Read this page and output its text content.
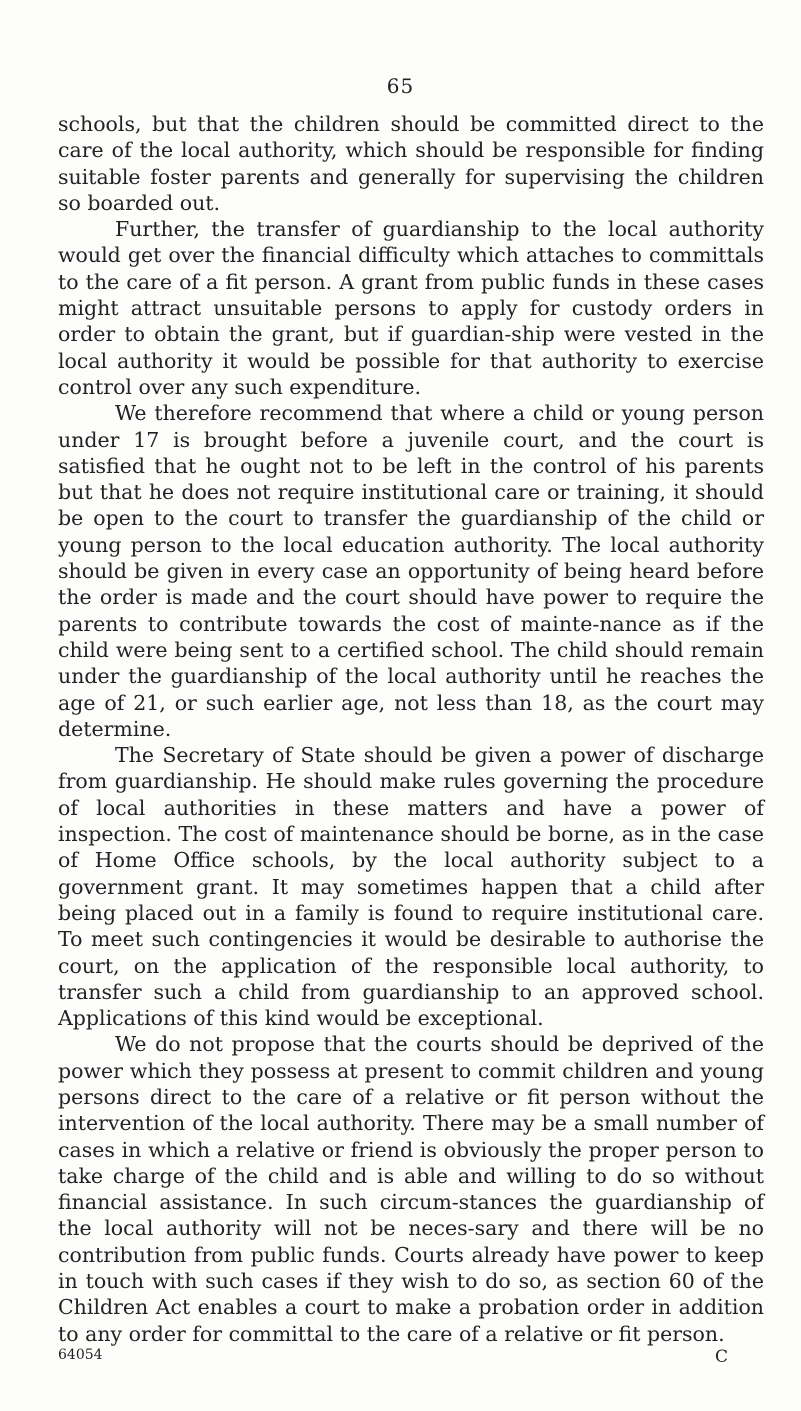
65

schools, but that the children should be committed direct to the care of the local authority, which should be responsible for finding suitable foster parents and generally for supervising the children so boarded out.

Further, the transfer of guardianship to the local authority would get over the financial difficulty which attaches to committals to the care of a fit person. A grant from public funds in these cases might attract unsuitable persons to apply for custody orders in order to obtain the grant, but if guardian-ship were vested in the local authority it would be possible for that authority to exercise control over any such expenditure.

We therefore recommend that where a child or young person under 17 is brought before a juvenile court, and the court is satisfied that he ought not to be left in the control of his parents but that he does not require institutional care or training, it should be open to the court to transfer the guardianship of the child or young person to the local education authority. The local authority should be given in every case an opportunity of being heard before the order is made and the court should have power to require the parents to contribute towards the cost of mainte-nance as if the child were being sent to a certified school. The child should remain under the guardianship of the local authority until he reaches the age of 21, or such earlier age, not less than 18, as the court may determine.

The Secretary of State should be given a power of discharge from guardianship. He should make rules governing the procedure of local authorities in these matters and have a power of inspection. The cost of maintenance should be borne, as in the case of Home Office schools, by the local authority subject to a government grant. It may sometimes happen that a child after being placed out in a family is found to require institutional care. To meet such contingencies it would be desirable to authorise the court, on the application of the responsible local authority, to transfer such a child from guardianship to an approved school. Applications of this kind would be exceptional.

We do not propose that the courts should be deprived of the power which they possess at present to commit children and young persons direct to the care of a relative or fit person without the intervention of the local authority. There may be a small number of cases in which a relative or friend is obviously the proper person to take charge of the child and is able and willing to do so without financial assistance. In such circum-stances the guardianship of the local authority will not be neces-sary and there will be no contribution from public funds. Courts already have power to keep in touch with such cases if they wish to do so, as section 60 of the Children Act enables a court to make a probation order in addition to any order for committal to the care of a relative or fit person.

64054	C
